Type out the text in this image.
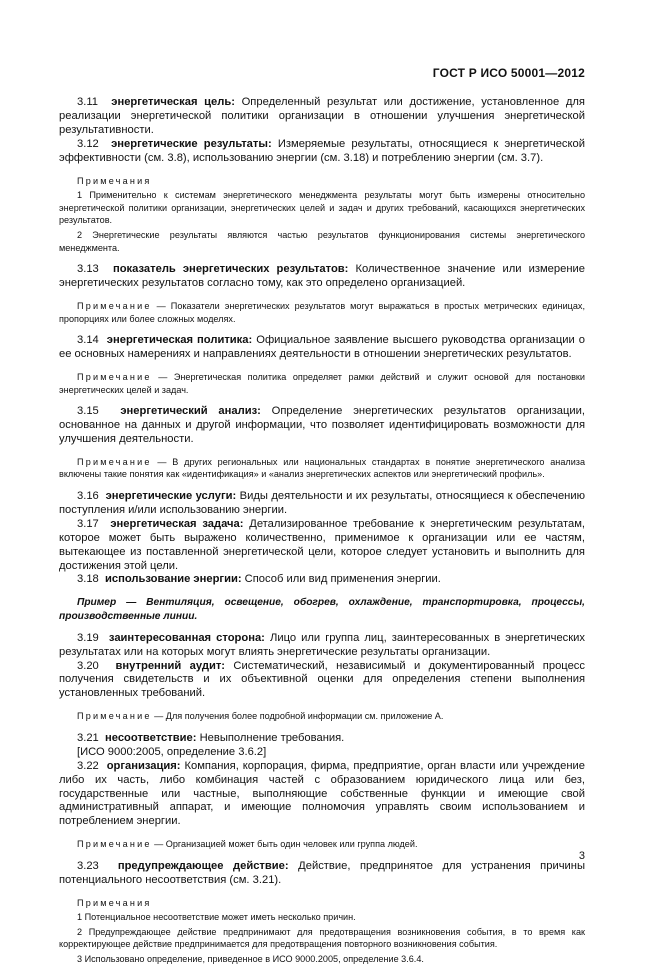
ГОСТ Р ИСО 50001—2012

3.11 энергетическая цель: Определенный результат или достижение, установленное для реализации энергетической политики организации в отношении улучшения энергетической результативности.

3.12 энергетические результаты: Измеряемые результаты, относящиеся к энергетической эффективности (см. 3.8), использованию энергии (см. 3.18) и потреблению энергии (см. 3.7).

Примечания

1 Применительно к системам энергетического менеджмента результаты могут быть измерены относительно энергетической политики организации, энергетических целей и задач и других требований, касающихся энергетических результатов.

2 Энергетические результаты являются частью результатов функционирования системы энергетического менеджмента.

3.13 показатель энергетических результатов: Количественное значение или измерение энергетических результатов согласно тому, как это определено организацией.

Примечание — Показатели энергетических результатов могут выражаться в простых метрических единицах, пропорциях или более сложных моделях.

3.14 энергетическая политика: Официальное заявление высшего руководства организации о ее основных намерениях и направлениях деятельности в отношении энергетических результатов.

Примечание — Энергетическая политика определяет рамки действий и служит основой для постановки энергетических целей и задач.

3.15 энергетический анализ: Определение энергетических результатов организации, основанное на данных и другой информации, что позволяет идентифицировать возможности для улучшения деятельности.

Примечание — В других региональных или национальных стандартах в понятие энергетического анализа включены такие понятия как «идентификация» и «анализ энергетических аспектов или энергетический профиль».

3.16 энергетические услуги: Виды деятельности и их результаты, относящиеся к обеспечению поступления и/или использованию энергии.

3.17 энергетическая задача: Детализированное требование к энергетическим результатам, которое может быть выражено количественно, применимое к организации или ее частям, вытекающее из поставленной энергетической цели, которое следует установить и выполнить для достижения этой цели.

3.18 использование энергии: Способ или вид применения энергии.

Пример — Вентиляция, освещение, обогрев, охлаждение, транспортировка, процессы, производственные линии.

3.19 заинтересованная сторона: Лицо или группа лиц, заинтересованных в энергетических результатах или на которых могут влиять энергетические результаты организации.

3.20 внутренний аудит: Систематический, независимый и документированный процесс получения свидетельств и их объективной оценки для определения степени выполнения установленных требований.

Примечание — Для получения более подробной информации см. приложение А.

3.21 несоответствие: Невыполнение требования.

[ИСО 9000:2005, определение 3.6.2]

3.22 организация: Компания, корпорация, фирма, предприятие, орган власти или учреждение либо их часть, либо комбинация частей с образованием юридического лица или без, государственные или частные, выполняющие собственные функции и имеющие свой административный аппарат, и имеющие полномочия управлять своим использованием и потреблением энергии.

Примечание — Организацией может быть один человек или группа людей.

3.23 предупреждающее действие: Действие, предпринятое для устранения причины потенциального несоответствия (см. 3.21).

Примечания

1 Потенциальное несоответствие может иметь несколько причин.

2 Предупреждающее действие предпринимают для предотвращения возникновения события, в то время как корректирующее действие предпринимается для предотвращения повторного возникновения события.

3 Использовано определение, приведенное в ИСО 9000.2005, определение 3.6.4.

3
